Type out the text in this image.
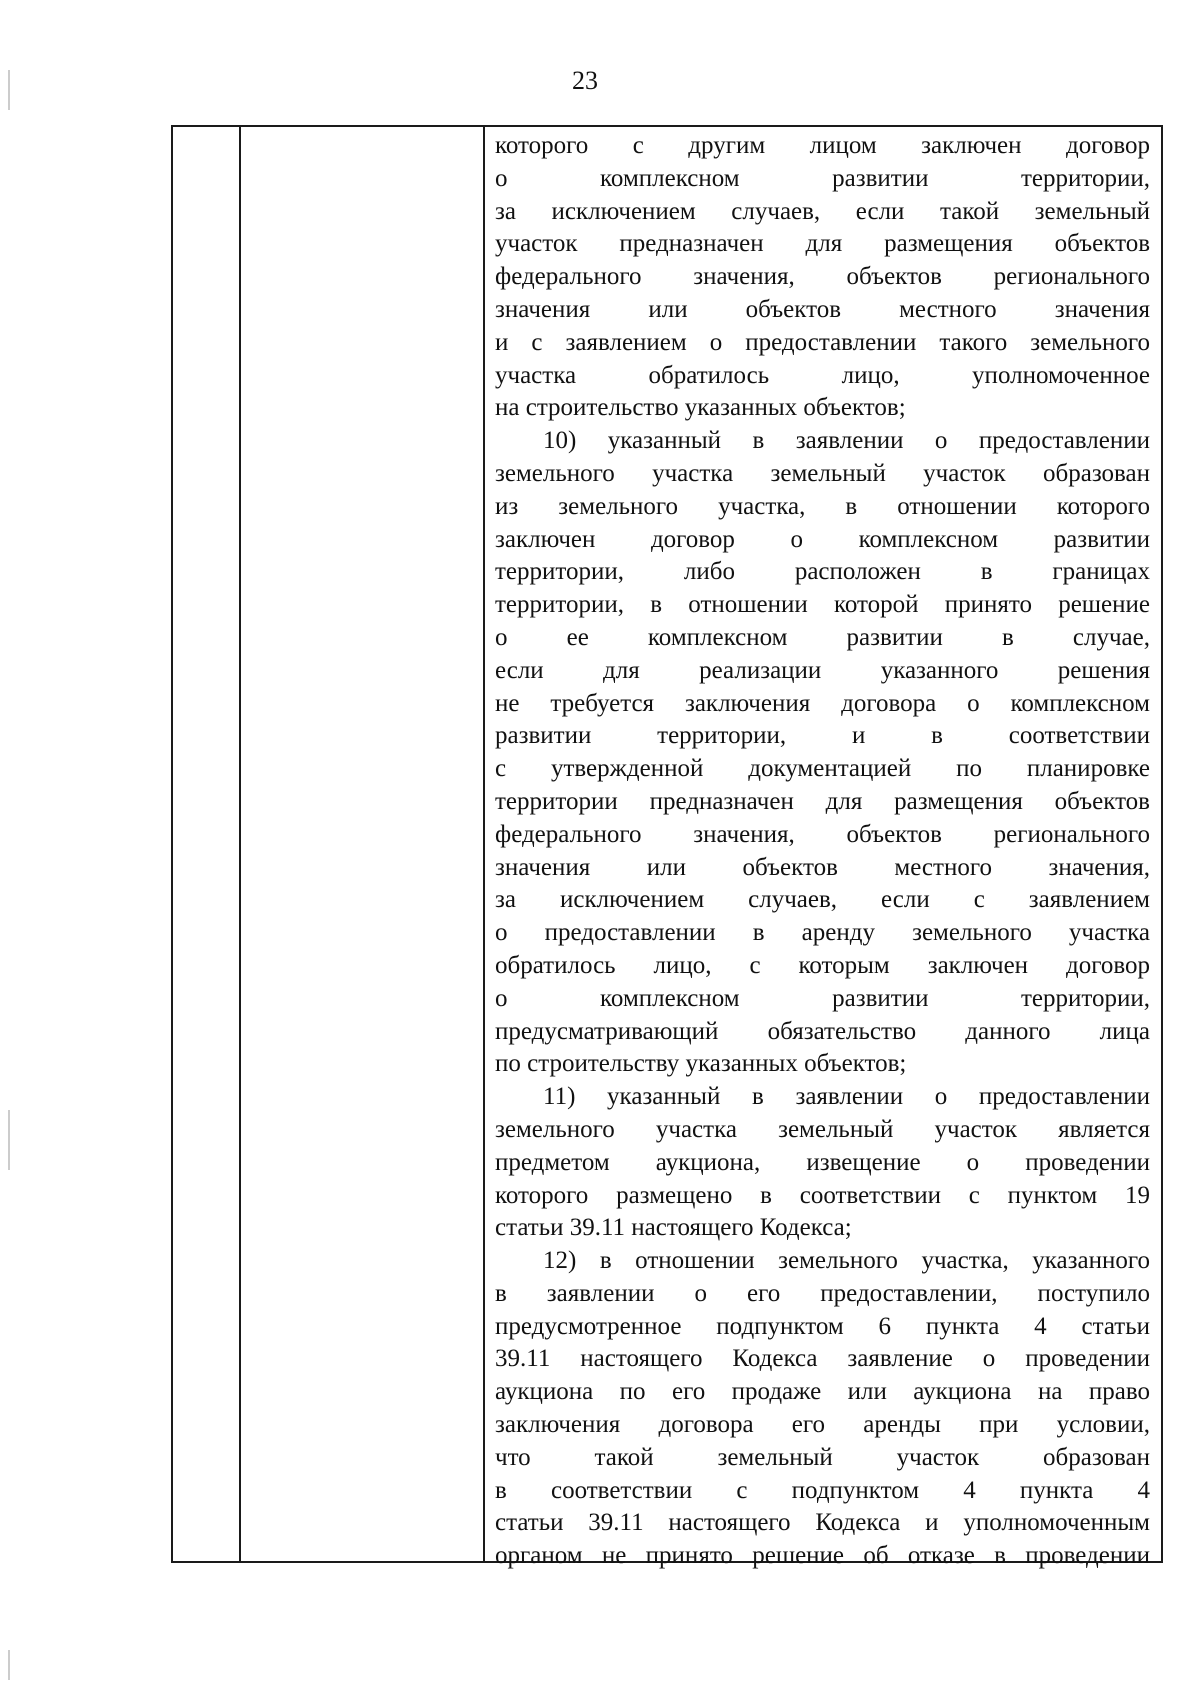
23
которого с другим лицом заключен договор
о комплексном развитии территории,
за исключением случаев, если такой земельный
участок предназначен для размещения объектов
федерального значения, объектов регионального
значения или объектов местного значения
и с заявлением о предоставлении такого земельного
участка обратилось лицо, уполномоченное
на строительство указанных объектов;
10) указанный в заявлении о предоставлении
земельного участка земельный участок образован
из земельного участка, в отношении которого
заключен договор о комплексном развитии
территории, либо расположен в границах
территории, в отношении которой принято решение
о ее комплексном развитии в случае,
если для реализации указанного решения
не требуется заключения договора о комплексном
развитии территории, и в соответствии
с утвержденной документацией по планировке
территории предназначен для размещения объектов
федерального значения, объектов регионального
значения или объектов местного значения,
за исключением случаев, если с заявлением
о предоставлении в аренду земельного участка
обратилось лицо, с которым заключен договор
о комплексном развитии территории,
предусматривающий обязательство данного лица
по строительству указанных объектов;
11) указанный в заявлении о предоставлении
земельного участка земельный участок является
предметом аукциона, извещение о проведении
которого размещено в соответствии с пунктом 19
статьи 39.11 настоящего Кодекса;
12) в отношении земельного участка, указанного
в заявлении о его предоставлении, поступило
предусмотренное подпунктом 6 пункта 4 статьи
39.11 настоящего Кодекса заявление о проведении
аукциона по его продаже или аукциона на право
заключения договора его аренды при условии,
что такой земельный участок образован
в соответствии с подпунктом 4 пункта 4
статьи 39.11 настоящего Кодекса и уполномоченным
органом не принято решение об отказе в проведении
